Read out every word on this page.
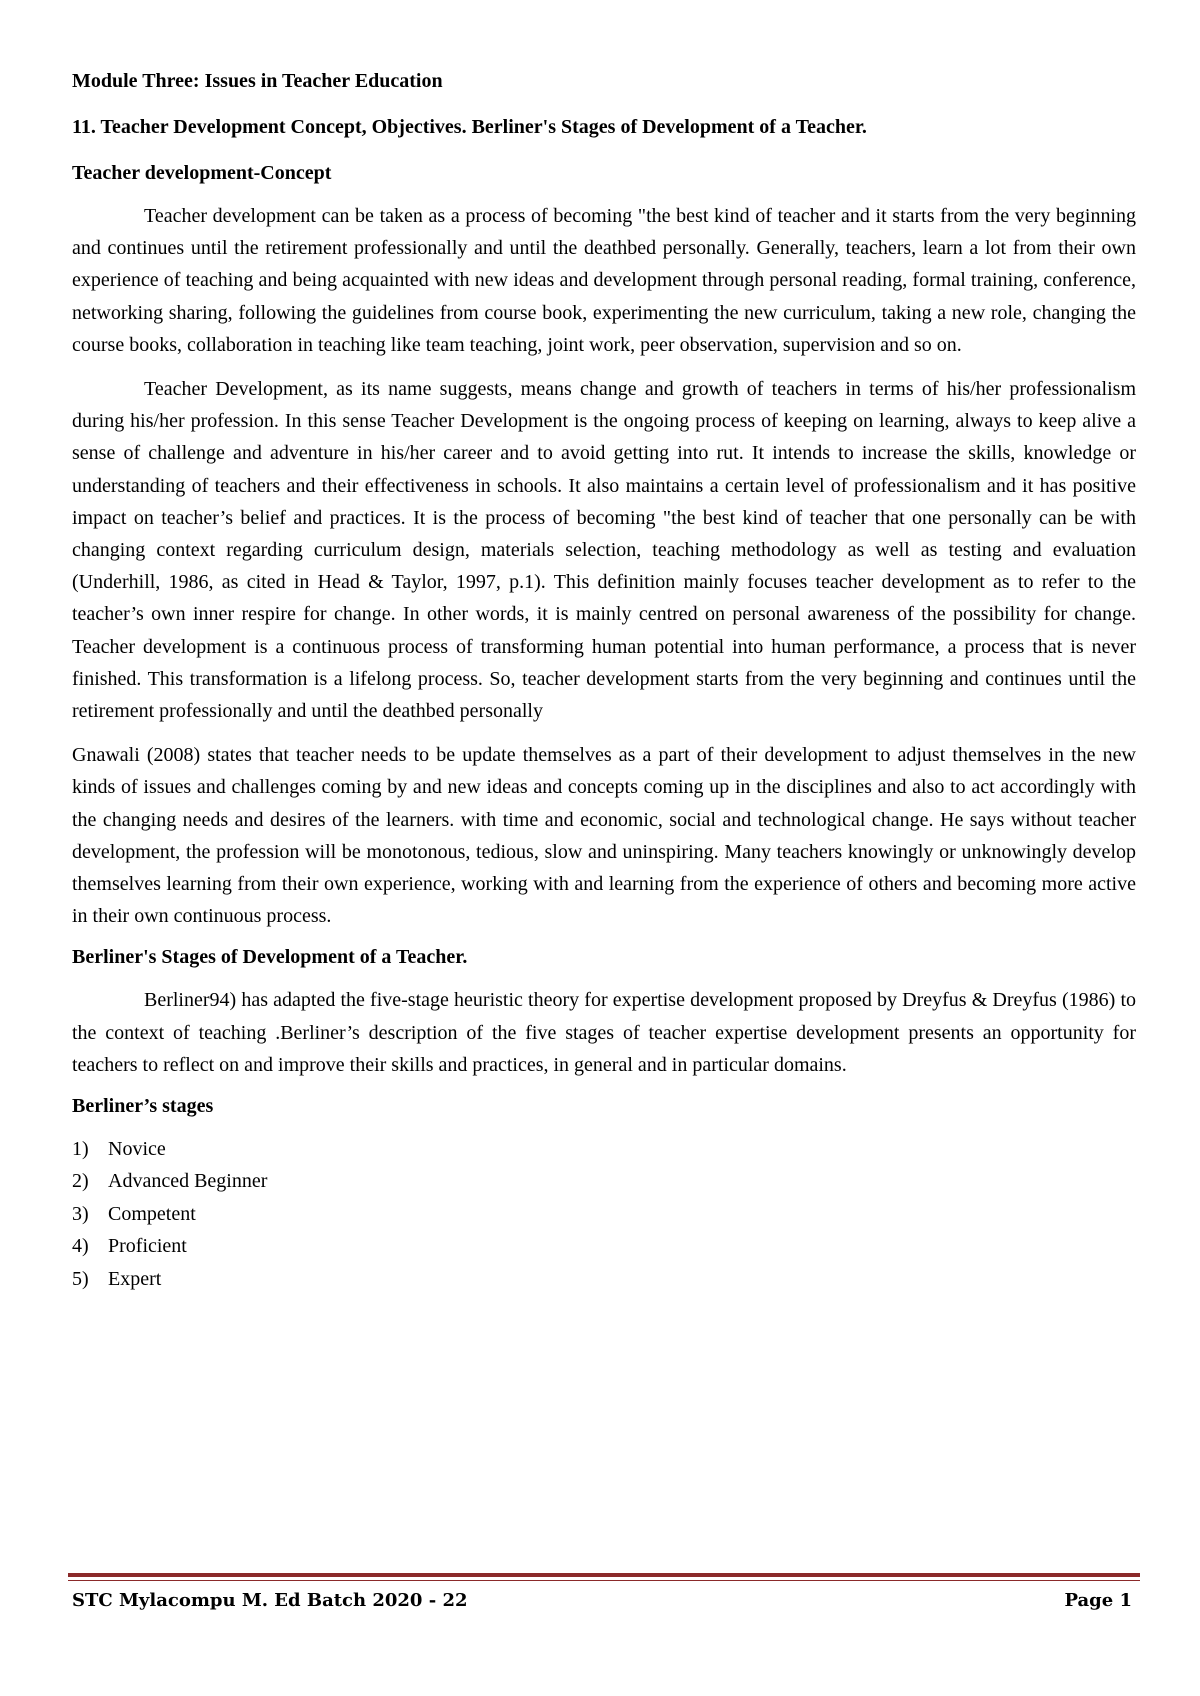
Module Three: Issues in Teacher Education
11. Teacher Development Concept, Objectives. Berliner's Stages of Development of a Teacher.
Teacher development-Concept

Teacher development can be taken as a process of becoming "the best kind of teacher and it starts from the very beginning and continues until the retirement professionally and until the deathbed personally. Generally, teachers, learn a lot from their own experience of teaching and being acquainted with new ideas and development through personal reading, formal training, conference, networking sharing, following the guidelines from course book, experimenting the new curriculum, taking a new role, changing the course books, collaboration in teaching like team teaching, joint work, peer observation, supervision and so on.

Teacher Development, as its name suggests, means change and growth of teachers in terms of his/her professionalism during his/her profession. In this sense Teacher Development is the ongoing process of keeping on learning, always to keep alive a sense of challenge and adventure in his/her career and to avoid getting into rut. It intends to increase the skills, knowledge or understanding of teachers and their effectiveness in schools. It also maintains a certain level of professionalism and it has positive impact on teacher’s belief and practices. It is the process of becoming "the best kind of teacher that one personally can be with changing context regarding curriculum design, materials selection, teaching methodology as well as testing and evaluation (Underhill, 1986, as cited in Head & Taylor, 1997, p.1). This definition mainly focuses teacher development as to refer to the teacher’s own inner respire for change. In other words, it is mainly centred on personal awareness of the possibility for change. Teacher development is a continuous process of transforming human potential into human performance, a process that is never finished. This transformation is a lifelong process. So, teacher development starts from the very beginning and continues until the retirement professionally and until the deathbed personally

Gnawali (2008) states that teacher needs to be update themselves as a part of their development to adjust themselves in the new kinds of issues and challenges coming by and new ideas and concepts coming up in the disciplines and also to act accordingly with the changing needs and desires of the learners. with time and economic, social and technological change. He says without teacher development, the profession will be monotonous, tedious, slow and uninspiring. Many teachers knowingly or unknowingly develop themselves learning from their own experience, working with and learning from the experience of others and becoming more active in their own continuous process.

Berliner's Stages of Development of a Teacher.

Berliner94) has adapted the five-stage heuristic theory for expertise development proposed by Dreyfus & Dreyfus (1986) to the context of teaching .Berliner’s description of the five stages of teacher expertise development presents an opportunity for teachers to reflect on and improve their skills and practices, in general and in particular domains.

Berliner’s stages
1) Novice
2) Advanced Beginner
3) Competent
4) Proficient
5) Expert
STC Mylacompu M. Ed Batch 2020 - 22	Page 1
